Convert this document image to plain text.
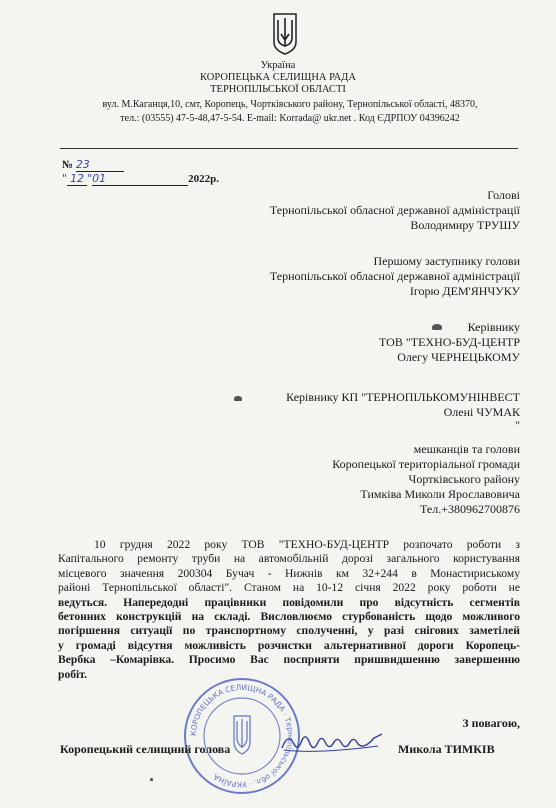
Україна
КОРОПЕЦЬКА СЕЛИЩНА РАДА
ТЕРНОПІЛЬСЬКОЇ ОБЛАСТІ
вул. М.Каганця,10, смт, Коропець, Чортківського району, Тернопільської області, 48370,
тел.: (03555) 47-5-48,47-5-54. E-mail: Korrada@ ukr.net . Код ЄДРПОУ 04396242
№ 23
" 12 "01	2022р.
Голові
Тернопільської обласної державної адміністрації
Володимиру ТРУШУ
Першому заступнику голови
Тернопільської обласної державної адміністрації
Ігорю ДЕМ'ЯНЧУКУ
Керівнику
ТОВ "ТЕХНО-БУД-ЦЕНТР
Олегу ЧЕРНЕЦЬКОМУ
Керівнику КП "ТЕРНОПІЛЬКОМУНІНВЕСТ
Олені ЧУМАК
"
мешканців та голови
Коропецької територіальної громади
Чортківського району
Тимківа Миколи Ярославовича
Тел.+380962700876
10 грудня 2022 року ТОВ "ТЕХНО-БУД-ЦЕНТР розпочато роботи з
Капітального ремонту труби на автомобільній дорозі загального користування
місцевого значення 200304 Бучач - Нижнів км 32+244 в Монастириському
районі Тернопільської області". Станом на 10-12 січня 2022 року роботи не
ведуться. Напередодні працівники повідомили про відсутність сегментів
бетонних конструкцій на складі. Висловлюємо стурбованість щодо можливого
погіршення ситуації по транспортному сполученні, у разі снігових заметілей
у громаді відсутня можливість розчистки альтернативної дороги Коропець-
Вербка –Комарівка. Просимо Вас посприяти пришвидшенню завершенню
робіт.
КОРОПЕЦЬКА СЕЛИЩНА РАДА · Тернопільської обл. · УКРАЇНА
З повагою,
Коропецький селищний голова	Микола ТИМКІВ
